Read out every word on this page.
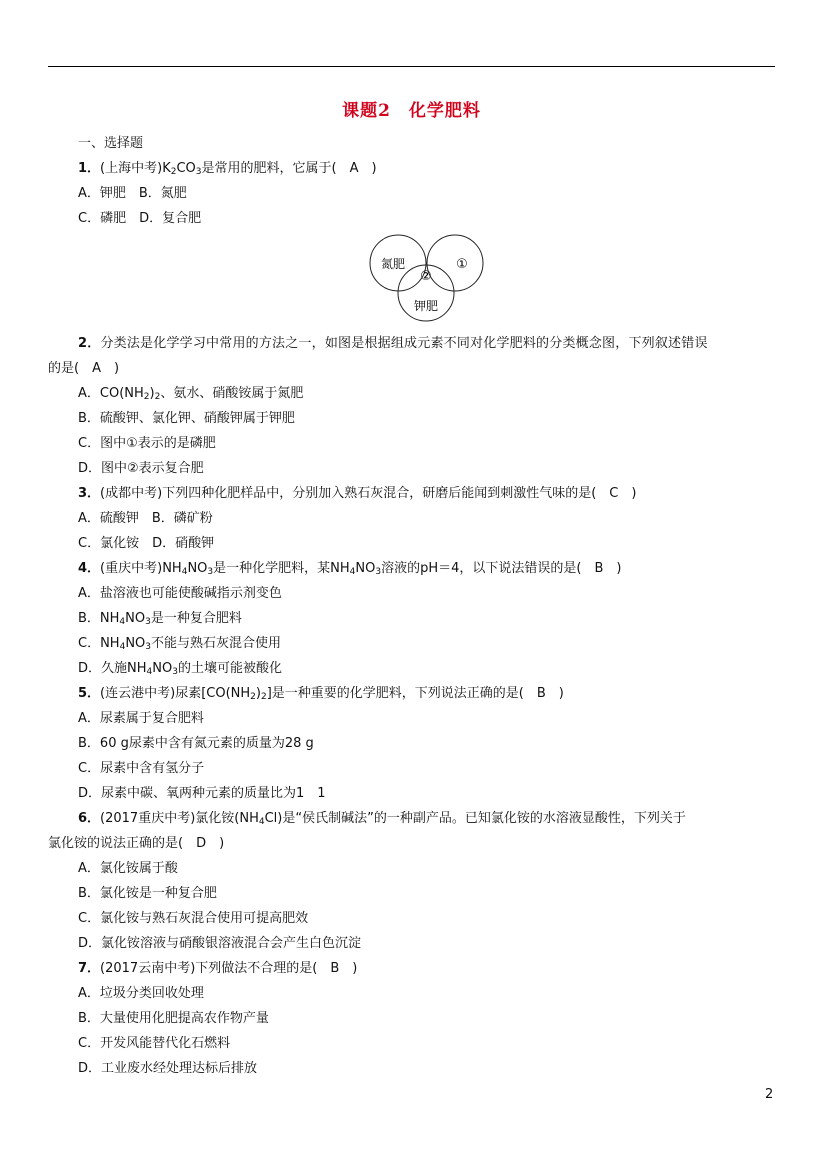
课题2　化学肥料
一、选择题
1．(上海中考)$K_2CO_3$是常用的肥料，它属于(　A　)
A．钾肥　B．氮肥
C．磷肥　D．复合肥
氮肥	①
②
钾肥
2．分类法是化学学习中常用的方法之一，如图是根据组成元素不同对化学肥料的分类概念图，下列叙述错误
的是(　A　)
A．$CO(NH_2)_2$、氨水、硝酸铵属于氮肥
B．硫酸钾、氯化钾、硝酸钾属于钾肥
C．图中①表示的是磷肥
D．图中②表示复合肥
3．(成都中考)下列四种化肥样品中，分别加入熟石灰混合，研磨后能闻到刺激性气味的是(　C　)
A．硫酸钾　B．磷矿粉
C．氯化铵　D．硝酸钾
4．(重庆中考)$NH_4NO_3$是一种化学肥料，某$NH_4NO_3$溶液的pH＝4，以下说法错误的是(　B　)
A．盐溶液也可能使酸碱指示剂变色
B．$NH_4NO_3$是一种复合肥料
C．$NH_4NO_3$不能与熟石灰混合使用
D．久施$NH_4NO_3$的土壤可能被酸化
5．(连云港中考)尿素$[CO(NH_2)_2]$是一种重要的化学肥料，下列说法正确的是(　B　)
A．尿素属于复合肥料
B．60 g尿素中含有氮元素的质量为28 g
C．尿素中含有氢分子
D．尿素中碳、氧两种元素的质量比为1　1
6．(2017重庆中考)氯化铵$(NH_4Cl)$是“侯氏制碱法”的一种副产品。已知氯化铵的水溶液显酸性，下列关于
氯化铵的说法正确的是(　D　)
A．氯化铵属于酸
B．氯化铵是一种复合肥
C．氯化铵与熟石灰混合使用可提高肥效
D．氯化铵溶液与硝酸银溶液混合会产生白色沉淀
7．(2017云南中考)下列做法不合理的是(　B　)
A．垃圾分类回收处理
B．大量使用化肥提高农作物产量
C．开发风能替代化石燃料
D．工业废水经处理达标后排放
2
